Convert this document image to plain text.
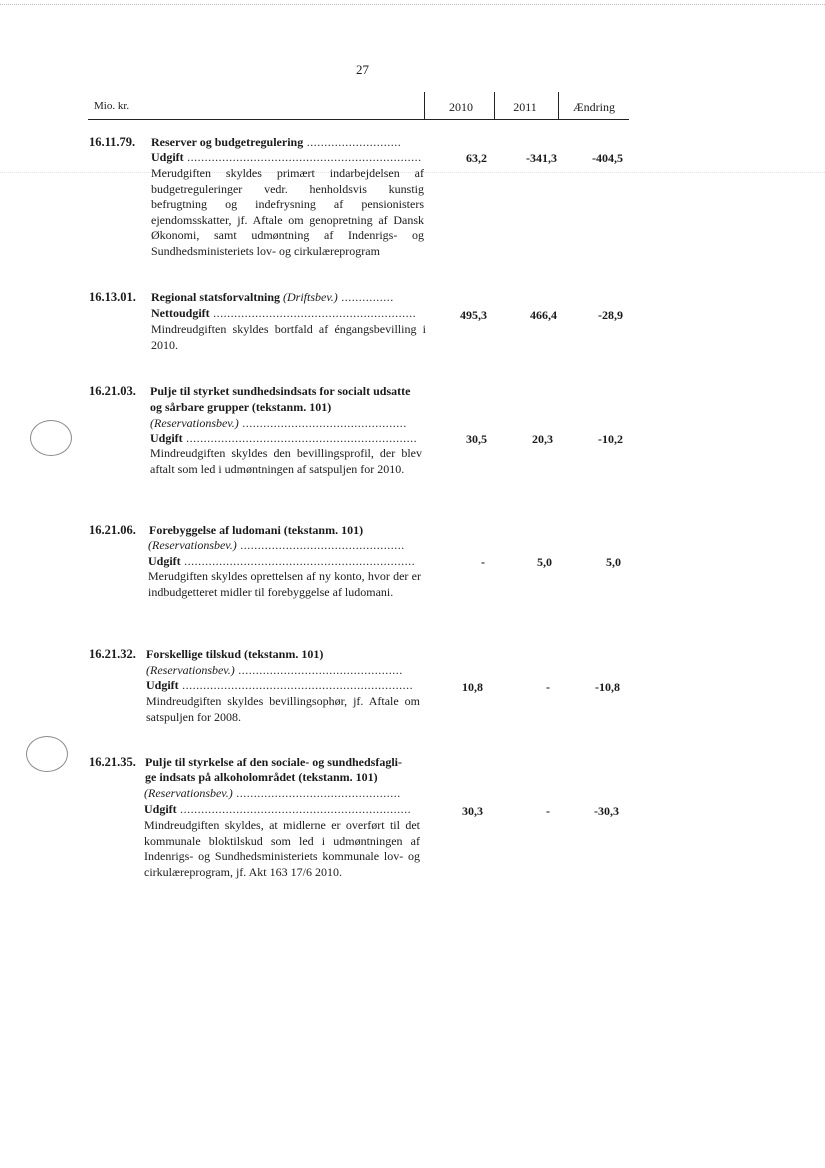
27
Mio. kr.	2010	2011	Ændring
16.11.79. Reserver og budgetregulering ...........................
Udgift ...................................................................
Merudgiften skyldes primært indarbejdelsen af budgetreguleringer vedr. henholdsvis kunstig befrugtning og indefrysning af pensionisters ejendomsskatter, jf. Aftale om genopretning af Dansk Økonomi, samt udmøntning af Indenrigs- og Sundhedsministeriets lov- og cirkulæreprogram
63,2	-341,3	-404,5
16.13.01. Regional statsforvaltning (Driftsbev.) ...............
Nettoudgift ..........................................................
Mindreudgiften skyldes bortfald af éngangsbevilling i 2010.
495,3	466,4	-28,9
16.21.03. Pulje til styrket sundhedsindsats for socialt udsatte
og sårbare grupper (tekstanm. 101)
(Reservationsbev.) ...............................................
Udgift ..................................................................
Mindreudgiften skyldes den bevillingsprofil, der blev aftalt som led i udmøntningen af satspuljen for 2010.
30,5	20,3	-10,2
16.21.06. Forebyggelse af ludomani (tekstanm. 101)
(Reservationsbev.) ...............................................
Udgift ..................................................................
Merudgiften skyldes oprettelsen af ny konto, hvor der er indbudgetteret midler til forebyggelse af ludomani.
-	5,0	5,0
16.21.32. Forskellige tilskud (tekstanm. 101)
(Reservationsbev.) ...............................................
Udgift ..................................................................
Mindreudgiften skyldes bevillingsophør, jf. Aftale om satspuljen for 2008.
10,8	-	-10,8
16.21.35. Pulje til styrkelse af den sociale- og sundhedsfagli-
ge indsats på alkoholområdet (tekstanm. 101)
(Reservationsbev.) ...............................................
Udgift ..................................................................
Mindreudgiften skyldes, at midlerne er overført til det kommunale bloktilskud som led i udmøntningen af Indenrigs- og Sundhedsministeriets kommunale lov- og cirkulæreprogram, jf. Akt 163 17/6 2010.
30,3	-	-30,3
